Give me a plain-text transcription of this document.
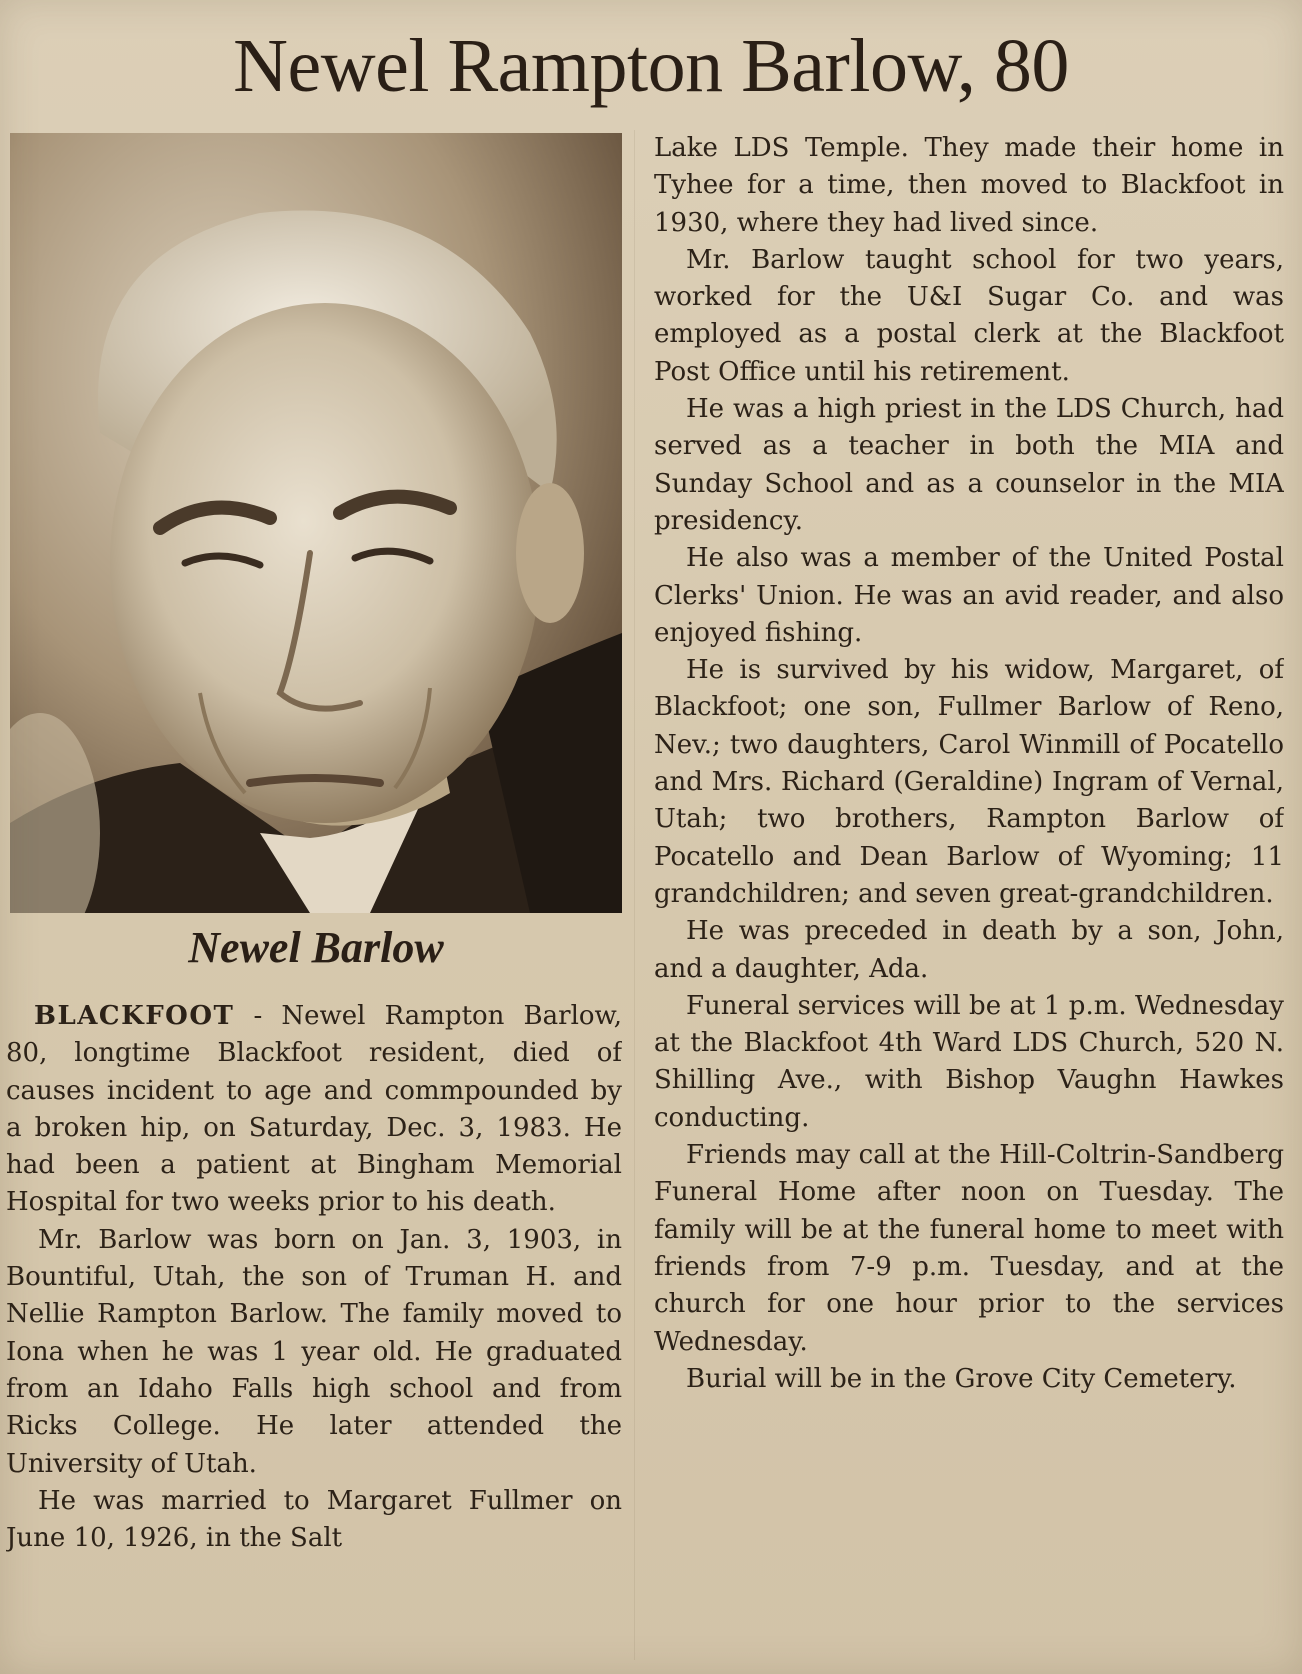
Newel Rampton Barlow, 80
Newel Barlow

BLACKFOOT - Newel Rampton Barlow, 80, longtime Blackfoot resident, died of causes incident to age and commpounded by a broken hip, on Saturday, Dec. 3, 1983. He had been a patient at Bingham Memorial Hospital for two weeks prior to his death.

Mr. Barlow was born on Jan. 3, 1903, in Bountiful, Utah, the son of Truman H. and Nellie Rampton Barlow. The family moved to Iona when he was 1 year old. He graduated from an Idaho Falls high school and from Ricks College. He later attended the University of Utah.

He was married to Margaret Fullmer on June 10, 1926, in the Salt

Lake LDS Temple. They made their home in Tyhee for a time, then moved to Blackfoot in 1930, where they had lived since.

Mr. Barlow taught school for two years, worked for the U&I Sugar Co. and was employed as a postal clerk at the Blackfoot Post Office until his retirement.

He was a high priest in the LDS Church, had served as a teacher in both the MIA and Sunday School and as a counselor in the MIA presidency.

He also was a member of the United Postal Clerks' Union. He was an avid reader, and also enjoyed fishing.

He is survived by his widow, Margaret, of Blackfoot; one son, Fullmer Barlow of Reno, Nev.; two daughters, Carol Winmill of Pocatello and Mrs. Richard (Geraldine) Ingram of Vernal, Utah; two brothers, Rampton Barlow of Pocatello and Dean Barlow of Wyoming; 11 grandchildren; and seven great-grandchildren.

He was preceded in death by a son, John, and a daughter, Ada.

Funeral services will be at 1 p.m. Wednesday at the Blackfoot 4th Ward LDS Church, 520 N. Shilling Ave., with Bishop Vaughn Hawkes conducting.

Friends may call at the Hill-Coltrin-Sandberg Funeral Home after noon on Tuesday. The family will be at the funeral home to meet with friends from 7-9 p.m. Tuesday, and at the church for one hour prior to the services Wednesday.

Burial will be in the Grove City Cemetery.
